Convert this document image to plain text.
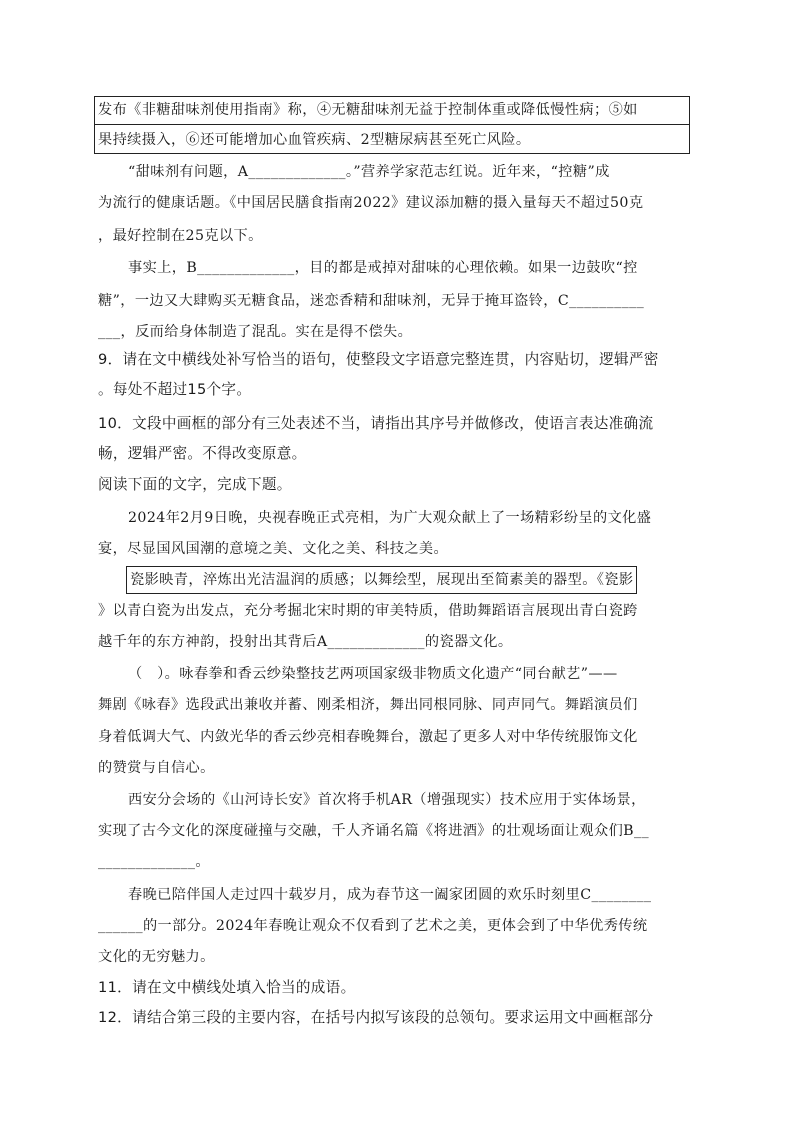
发布《非糖甜味剂使用指南》称，④无糖甜味剂无益于控制体重或降低慢性病；⑤如
果持续摄入，⑥还可能增加心血管疾病、2型糖尿病甚至死亡风险。
“甜味剂有问题，A_____________。”营养学家范志红说。近年来，“控糖”成
为流行的健康话题。《中国居民膳食指南2022》建议添加糖的摄入量每天不超过50克
，最好控制在25克以下。
事实上，B_____________，目的都是戒掉对甜味的心理依赖。如果一边鼓吹“控
糖”，一边又大肆购买无糖食品，迷恋香精和甜味剂，无异于掩耳盗铃，C__________
___，反而给身体制造了混乱。实在是得不偿失。
9．请在文中横线处补写恰当的语句，使整段文字语意完整连贯，内容贴切，逻辑严密
。每处不超过15个字。
10．文段中画框的部分有三处表述不当，请指出其序号并做修改，使语言表达准确流
畅，逻辑严密。不得改变原意。
阅读下面的文字，完成下题。
2024年2月9日晚，央视春晚正式亮相，为广大观众献上了一场精彩纷呈的文化盛
宴，尽显国风国潮的意境之美、文化之美、科技之美。
瓷影映青，淬炼出光洁温润的质感；以舞绘型，展现出至简素美的器型。《瓷影
》以青白瓷为出发点，充分考掘北宋时期的审美特质，借助舞蹈语言展现出青白瓷跨
越千年的东方神韵，投射出其背后A_____________的瓷器文化。
（　）。咏春拳和香云纱染整技艺两项国家级非物质文化遗产“同台献艺”——
舞剧《咏春》选段武出兼收并蓄、刚柔相济，舞出同根同脉、同声同气。舞蹈演员们
身着低调大气、内敛光华的香云纱亮相春晚舞台，激起了更多人对中华传统服饰文化
的赞赏与自信心。
西安分会场的《山河诗长安》首次将手机AR（增强现实）技术应用于实体场景，
实现了古今文化的深度碰撞与交融，千人齐诵名篇《将进酒》的壮观场面让观众们B__
_____________。
春晚已陪伴国人走过四十载岁月，成为春节这一阖家团圆的欢乐时刻里C________
______的一部分。2024年春晚让观众不仅看到了艺术之美，更体会到了中华优秀传统
文化的无穷魅力。
11．请在文中横线处填入恰当的成语。
12．请结合第三段的主要内容，在括号内拟写该段的总领句。要求运用文中画框部分
